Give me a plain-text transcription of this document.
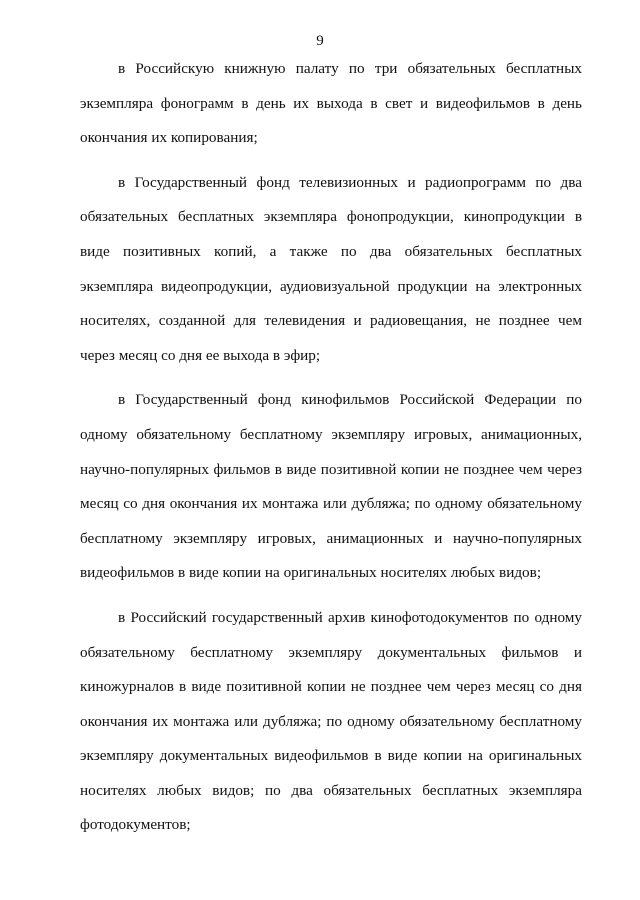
9

в Российскую книжную палату по три обязательных бесплатных экземпляра фонограмм в день их выхода в свет и видеофильмов в день окончания их копирования;

в Государственный фонд телевизионных и радиопрограмм по два обязательных бесплатных экземпляра фонопродукции, кинопродукции в виде позитивных копий, а также по два обязательных бесплатных экземпляра видеопродукции, аудиовизуальной продукции на электронных носителях, созданной для телевидения и радиовещания, не позднее чем через месяц со дня ее выхода в эфир;

в Государственный фонд кинофильмов Российской Федерации по одному обязательному бесплатному экземпляру игровых, анимационных, научно-популярных фильмов в виде позитивной копии не позднее чем через месяц со дня окончания их монтажа или дубляжа; по одному обязательному бесплатному экземпляру игровых, анимационных и научно-популярных видеофильмов в виде копии на оригинальных носителях любых видов;

в Российский государственный архив кинофотодокументов по одному обязательному бесплатному экземпляру документальных фильмов и киножурналов в виде позитивной копии не позднее чем через месяц со дня окончания их монтажа или дубляжа; по одному обязательному бесплатному экземпляру документальных видеофильмов в виде копии на оригинальных носителях любых видов; по два обязательных бесплатных экземпляра фотодокументов;
